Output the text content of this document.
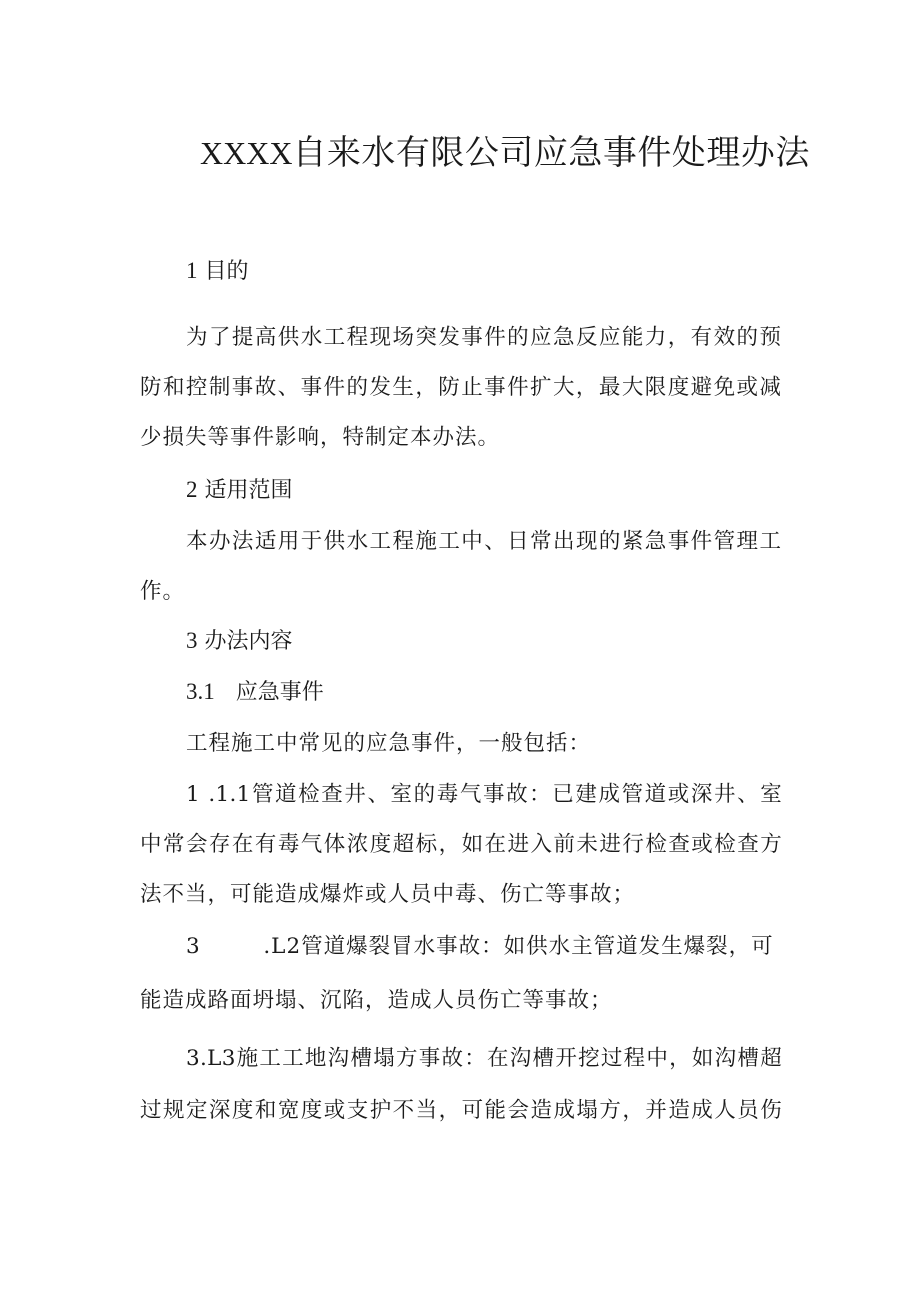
XXXX自来水有限公司应急事件处理办法
1 目的
为了提高供水工程现场突发事件的应急反应能力，有效的预
防和控制事故、事件的发生，防止事件扩大，最大限度避免或减
少损失等事件影响，特制定本办法。
2 适用范围
本办法适用于供水工程施工中、日常出现的紧急事件管理工
作。
3 办法内容
3.1 应急事件
工程施工中常见的应急事件，一般包括：
1 .1.1管道检查井、室的毒气事故：已建成管道或深井、室
中常会存在有毒气体浓度超标，如在进入前未进行检查或检查方
法不当，可能造成爆炸或人员中毒、伤亡等事故；
3        .L2管道爆裂冒水事故：如供水主管道发生爆裂，可
能造成路面坍塌、沉陷，造成人员伤亡等事故；
3.L3施工工地沟槽塌方事故：在沟槽开挖过程中，如沟槽超
过规定深度和宽度或支护不当，可能会造成塌方，并造成人员伤
